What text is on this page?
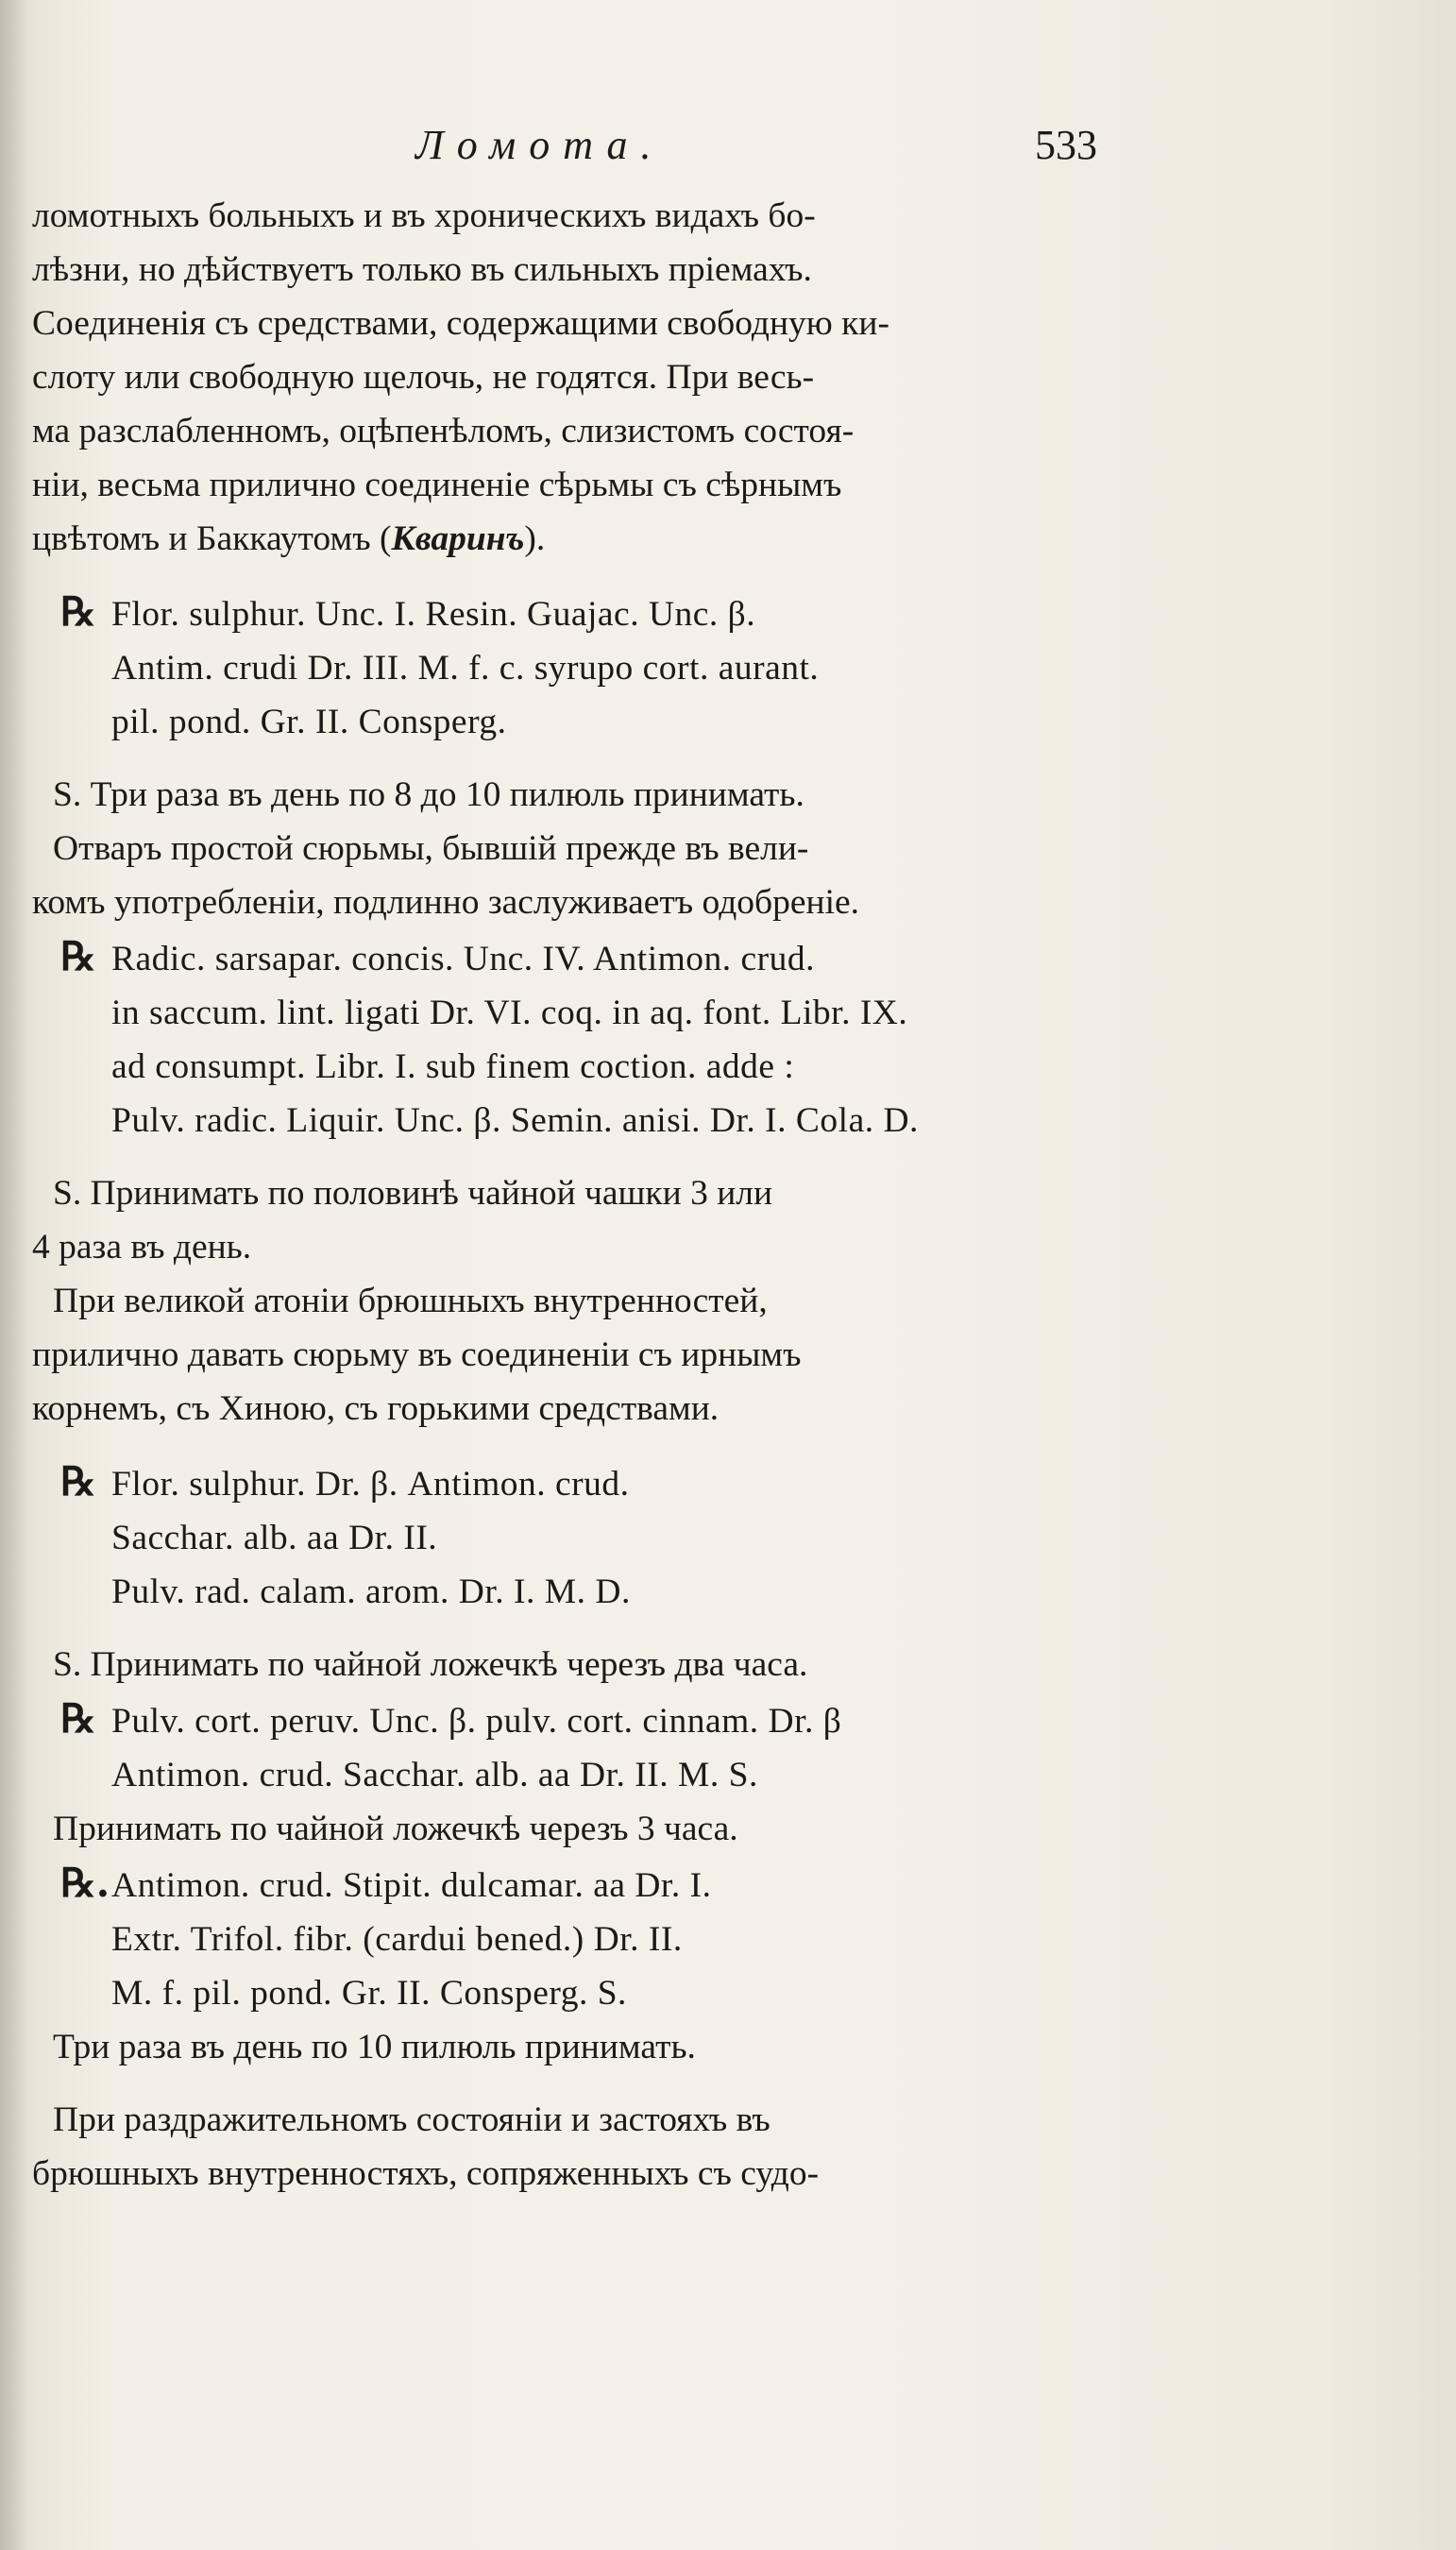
Ломота.	533
ломотныхъ больныхъ и въ хроническихъ видахъ бо-
лѣзни, но дѣйствуетъ только въ сильныхъ пріемахъ.
Соединенія съ средствами, содержащими свободную ки-
слоту или свободную щелочь, не годятся. При весь-
ма разслабленномъ, оцѣпенѣломъ, слизистомъ состоя-
ніи, весьма прилично соединеніе сѣрьмы съ сѣрнымъ
цвѣтомъ и Баккаутомъ (Кваринъ).
℞ Flor. sulphur. Unc. I. Resin. Guajac. Unc. β.
Antim. crudi Dr. III. M. f. c. syrupo cort. aurant.
pil. pond. Gr. II. Consperg.
S. Три раза въ день по 8 до 10 пилюль принимать.
Отваръ простой сюрьмы, бывшій прежде въ вели-
комъ употребленіи, подлинно заслуживаетъ одобреніе.
℞ Radic. sarsapar. concis. Unc. IV. Antimon. crud.
in saccum. lint. ligati Dr. VI. coq. in aq. font. Libr. IX.
ad consumpt. Libr. I. sub finem coction. adde :
Pulv. radic. Liquir. Unc. β. Semin. anisi. Dr. I. Cola. D.
S. Принимать по половинѣ чайной чашки 3 или
4 раза въ день.
При великой атоніи брюшныхъ внутренностей,
прилично давать сюрьму въ соединеніи съ ирнымъ
корнемъ, съ Хиною, съ горькими средствами.
℞ Flor. sulphur. Dr. β. Antimon. crud.
Sacchar. alb. aa Dr. II.
Pulv. rad. calam. arom. Dr. I. M. D.
S. Принимать по чайной ложечкѣ черезъ два часа.
℞ Pulv. cort. peruv. Unc. β. pulv. cort. cinnam. Dr. β
Antimon. crud. Sacchar. alb. aa Dr. II. M. S.
Принимать по чайной ложечкѣ черезъ 3 часа.
℞.Antimon. crud. Stipit. dulcamar. aa Dr. I.
Extr. Trifol. fibr. (cardui bened.) Dr. II.
M. f. pil. pond. Gr. II. Consperg. S.
Три раза въ день по 10 пилюль принимать.
При раздражительномъ состояніи и застояхъ въ
брюшныхъ внутренностяхъ, сопряженныхъ съ судо-
